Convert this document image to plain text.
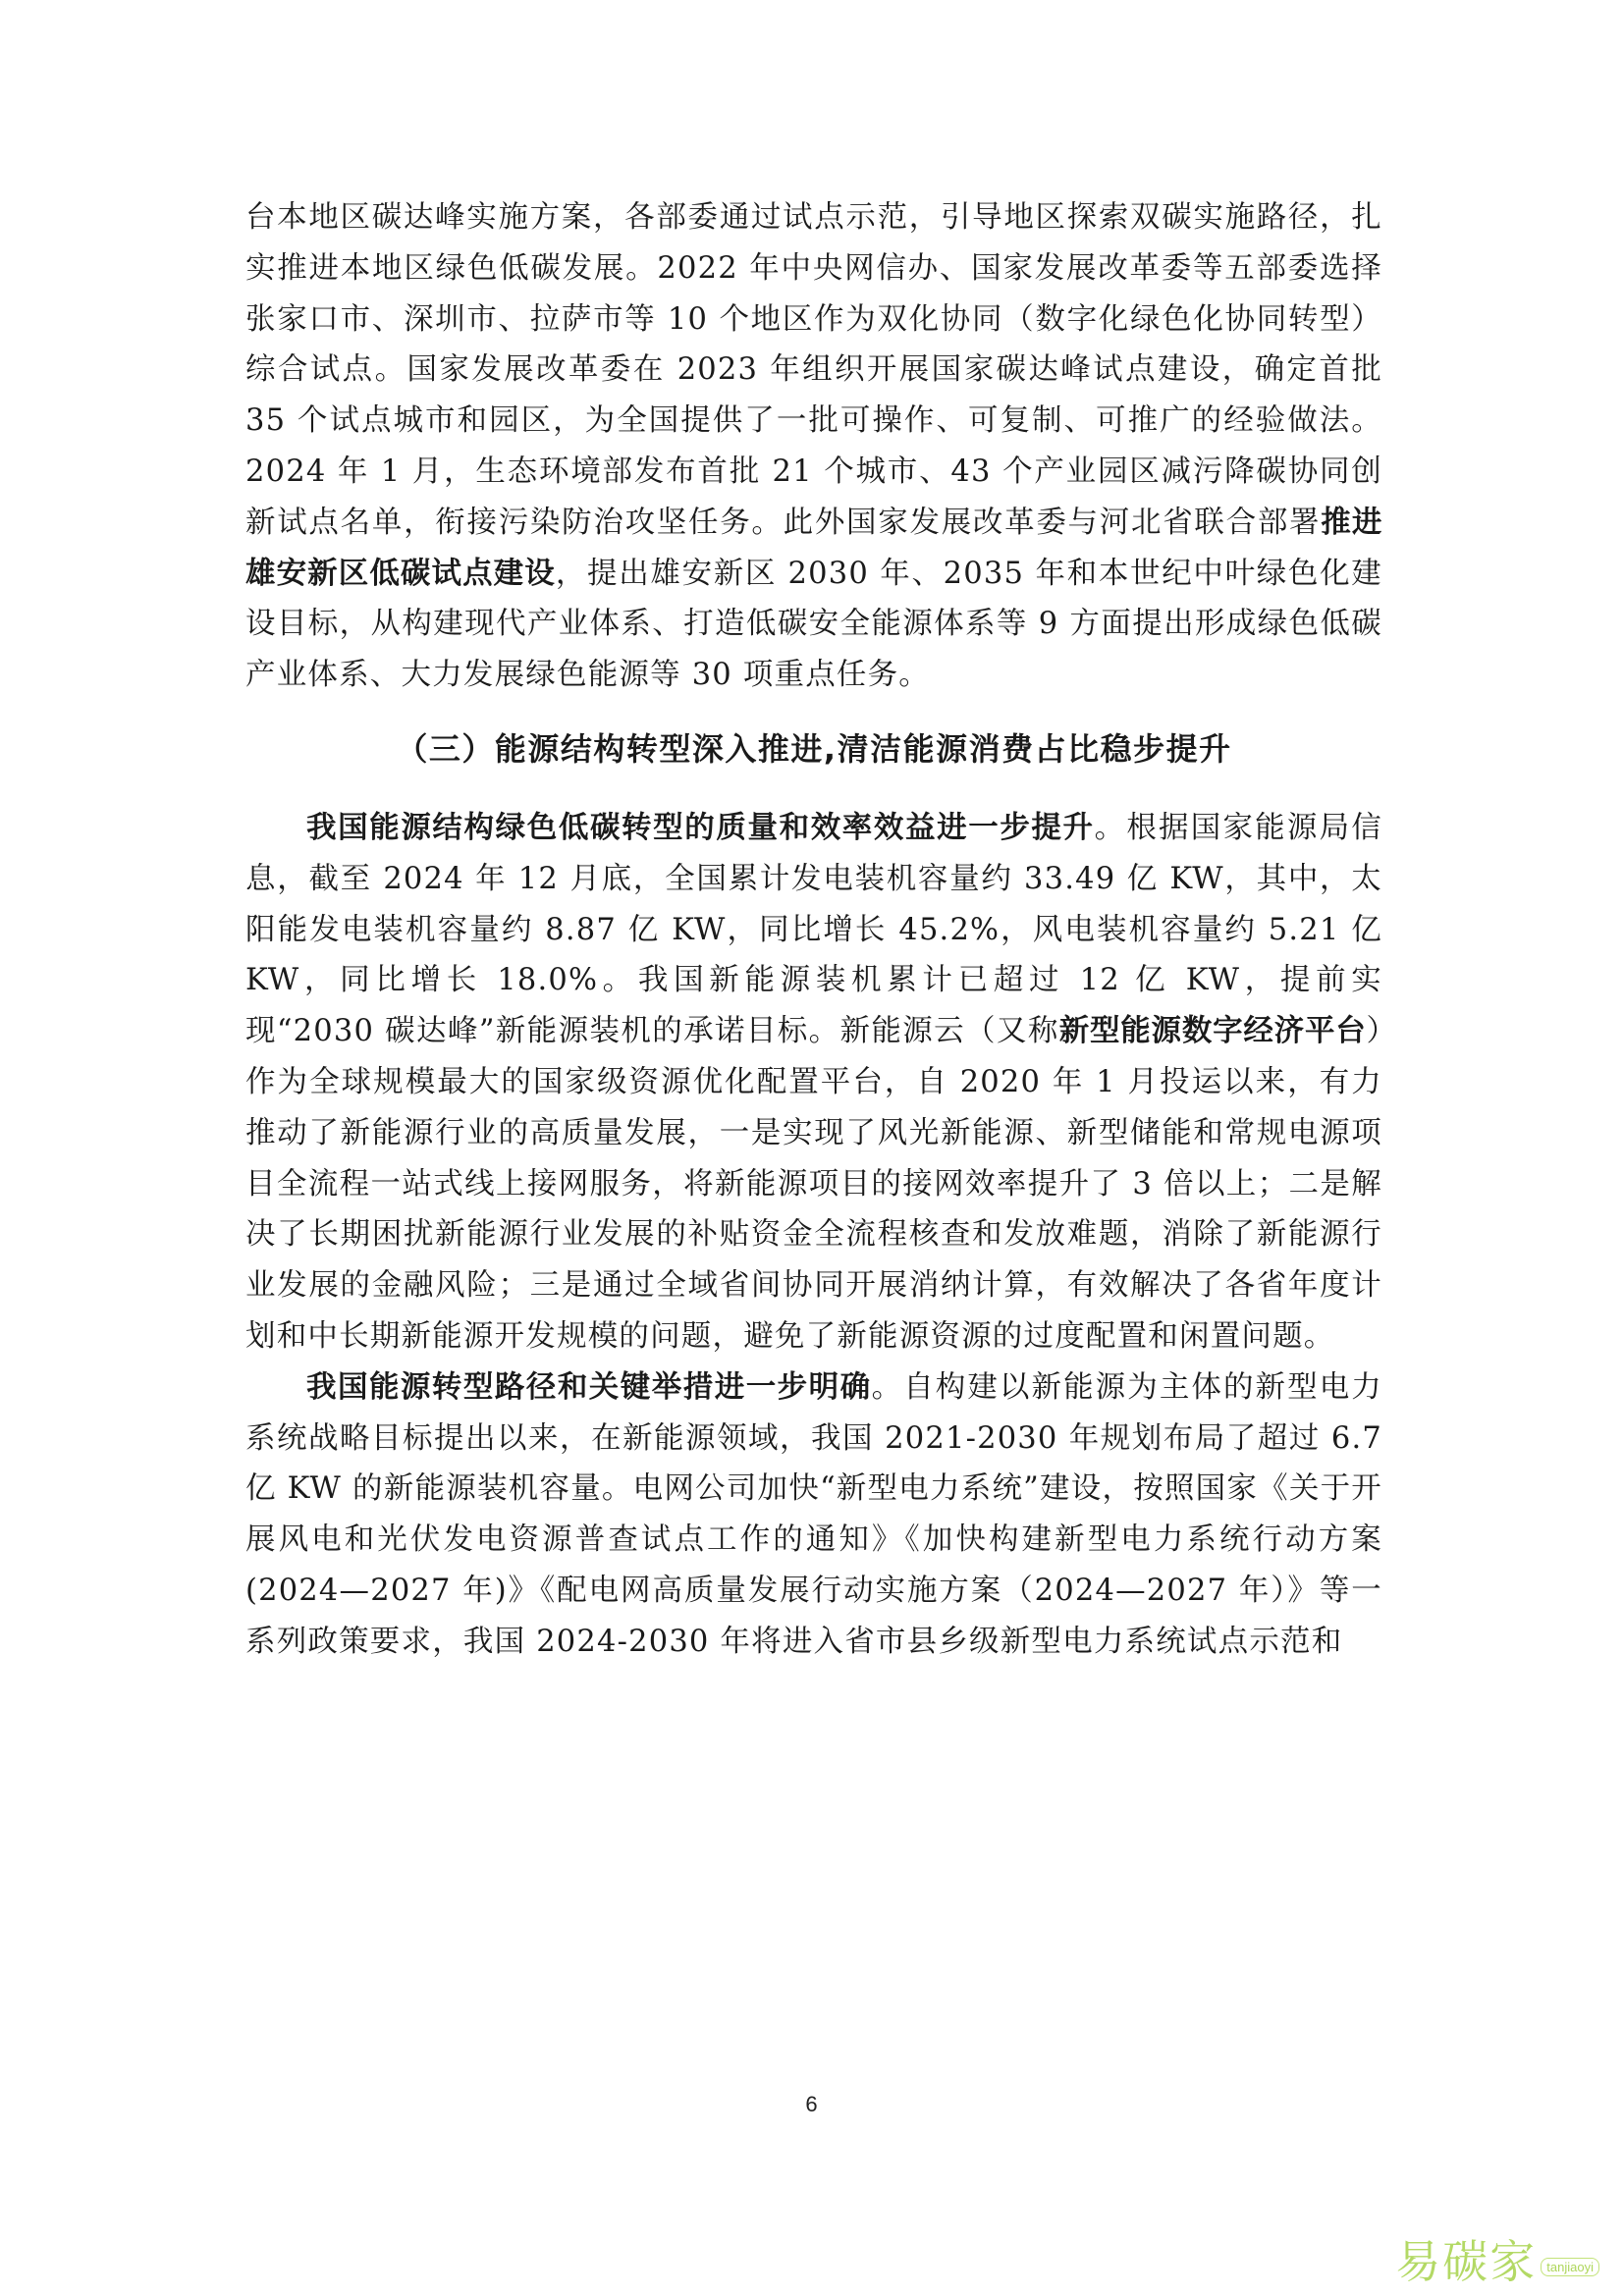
台本地区碳达峰实施方案，各部委通过试点示范，引导地区探索双碳实施路径，扎实推进本地区绿色低碳发展。2022 年中央网信办、国家发展改革委等五部委选择张家口市、深圳市、拉萨市等 10 个地区作为双化协同（数字化绿色化协同转型）综合试点。国家发展改革委在 2023 年组织开展国家碳达峰试点建设，确定首批 35 个试点城市和园区，为全国提供了一批可操作、可复制、可推广的经验做法。2024 年 1 月，生态环境部发布首批 21 个城市、43 个产业园区减污降碳协同创新试点名单，衔接污染防治攻坚任务。此外国家发展改革委与河北省联合部署推进雄安新区低碳试点建设，提出雄安新区 2030 年、2035 年和本世纪中叶绿色化建设目标，从构建现代产业体系、打造低碳安全能源体系等 9 方面提出形成绿色低碳产业体系、大力发展绿色能源等 30 项重点任务。

（三）能源结构转型深入推进,清洁能源消费占比稳步提升

我国能源结构绿色低碳转型的质量和效率效益进一步提升。根据国家能源局信息，截至 2024 年 12 月底，全国累计发电装机容量约 33.49 亿 KW，其中，太阳能发电装机容量约 8.87 亿 KW，同比增长 45.2%，风电装机容量约 5.21 亿 KW，同比增长 18.0%。我国新能源装机累计已超过 12 亿 KW，提前实现“2030 碳达峰”新能源装机的承诺目标。新能源云（又称新型能源数字经济平台）作为全球规模最大的国家级资源优化配置平台，自 2020 年 1 月投运以来，有力推动了新能源行业的高质量发展，一是实现了风光新能源、新型储能和常规电源项目全流程一站式线上接网服务，将新能源项目的接网效率提升了 3 倍以上；二是解决了长期困扰新能源行业发展的补贴资金全流程核查和发放难题，消除了新能源行业发展的金融风险；三是通过全域省间协同开展消纳计算，有效解决了各省年度计划和中长期新能源开发规模的问题，避免了新能源资源的过度配置和闲置问题。

我国能源转型路径和关键举措进一步明确。自构建以新能源为主体的新型电力系统战略目标提出以来，在新能源领域，我国 2021-2030 年规划布局了超过 6.7 亿 KW 的新能源装机容量。电网公司加快“新型电力系统”建设，按照国家《关于开展风电和光伏发电资源普查试点工作的通知》《加快构建新型电力系统行动方案(2024—2027 年)》《配电网高质量发展行动实施方案（2024—2027 年）》等一系列政策要求，我国 2024-2030 年将进入省市县乡级新型电力系统试点示范和

6
易碳家 tanjiaoyi
